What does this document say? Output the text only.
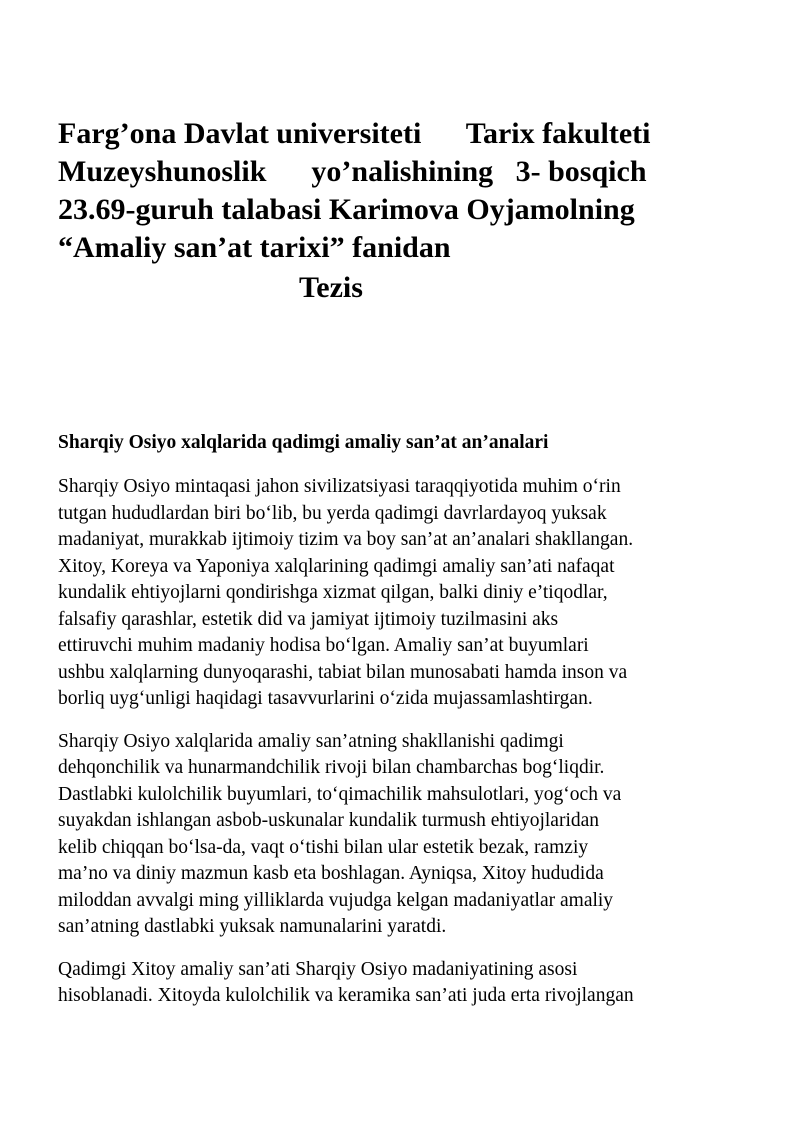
Farg’ona Davlat universiteti      Tarix fakulteti
Muzeyshunoslik      yo’nalishining   3- bosqich
23.69-guruh talabasi Karimova Oyjamolning
“Amaliy san’at tarixi” fanidan
Tezis
Sharqiy Osiyo xalqlarida qadimgi amaliy san’at an’analari

Sharqiy Osiyo mintaqasi jahon sivilizatsiyasi taraqqiyotida muhim o‘rin
tutgan hududlardan biri bo‘lib, bu yerda qadimgi davrlardayoq yuksak
madaniyat, murakkab ijtimoiy tizim va boy san’at an’analari shakllangan.
Xitoy, Koreya va Yaponiya xalqlarining qadimgi amaliy san’ati nafaqat
kundalik ehtiyojlarni qondirishga xizmat qilgan, balki diniy e’tiqodlar,
falsafiy qarashlar, estetik did va jamiyat ijtimoiy tuzilmasini aks
ettiruvchi muhim madaniy hodisa bo‘lgan. Amaliy san’at buyumlari
ushbu xalqlarning dunyoqarashi, tabiat bilan munosabati hamda inson va
borliq uyg‘unligi haqidagi tasavvurlarini o‘zida mujassamlashtirgan.

Sharqiy Osiyo xalqlarida amaliy san’atning shakllanishi qadimgi
dehqonchilik va hunarmandchilik rivoji bilan chambarchas bog‘liqdir.
Dastlabki kulolchilik buyumlari, to‘qimachilik mahsulotlari, yog‘och va
suyakdan ishlangan asbob-uskunalar kundalik turmush ehtiyojlaridan
kelib chiqqan bo‘lsa-da, vaqt o‘tishi bilan ular estetik bezak, ramziy
ma’no va diniy mazmun kasb eta boshlagan. Ayniqsa, Xitoy hududida
miloddan avvalgi ming yilliklarda vujudga kelgan madaniyatlar amaliy
san’atning dastlabki yuksak namunalarini yaratdi.

Qadimgi Xitoy amaliy san’ati Sharqiy Osiyo madaniyatining asosi
hisoblanadi. Xitoyda kulolchilik va keramika san’ati juda erta rivojlangan
